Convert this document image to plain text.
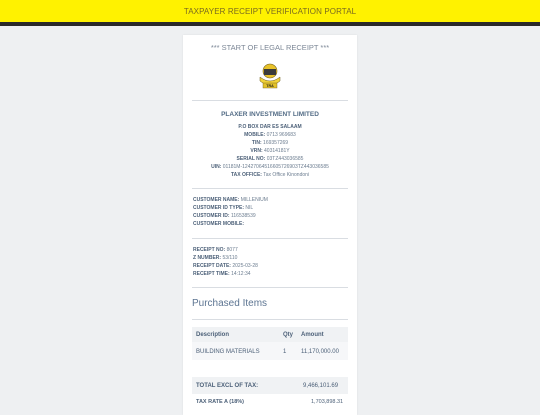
TAXPAYER RECEIPT VERIFICATION PORTAL
*** START OF LEGAL RECEIPT ***
TRA
PLAXER INVESTMENT LIMITED
P.O BOX DAR ES SALAAM
MOBILE: 0713 969683
TIN: 169357269
VRN: 40314181Y
SERIAL NO: 03TZ443036585
UIN: 01181M-12427064516605726903TZ443036585
TAX OFFICE: Tax Office Kinondoni
CUSTOMER NAME: MILLENIUM
CUSTOMER ID TYPE: NIL
CUSTOMER ID: 116538539
CUSTOMER MOBILE:
RECEIPT NO: 8077
Z NUMBER: 53/110
RECEIPT DATE: 2025-03-28
RECEIPT TIME: 14:12:34
Purchased Items
Description	Qty Amount
BUILDING MATERIALS	1 11,170,000.00
TOTAL EXCL OF TAX:	9,466,101.69
TAX RATE A (18%)	1,703,898.31
